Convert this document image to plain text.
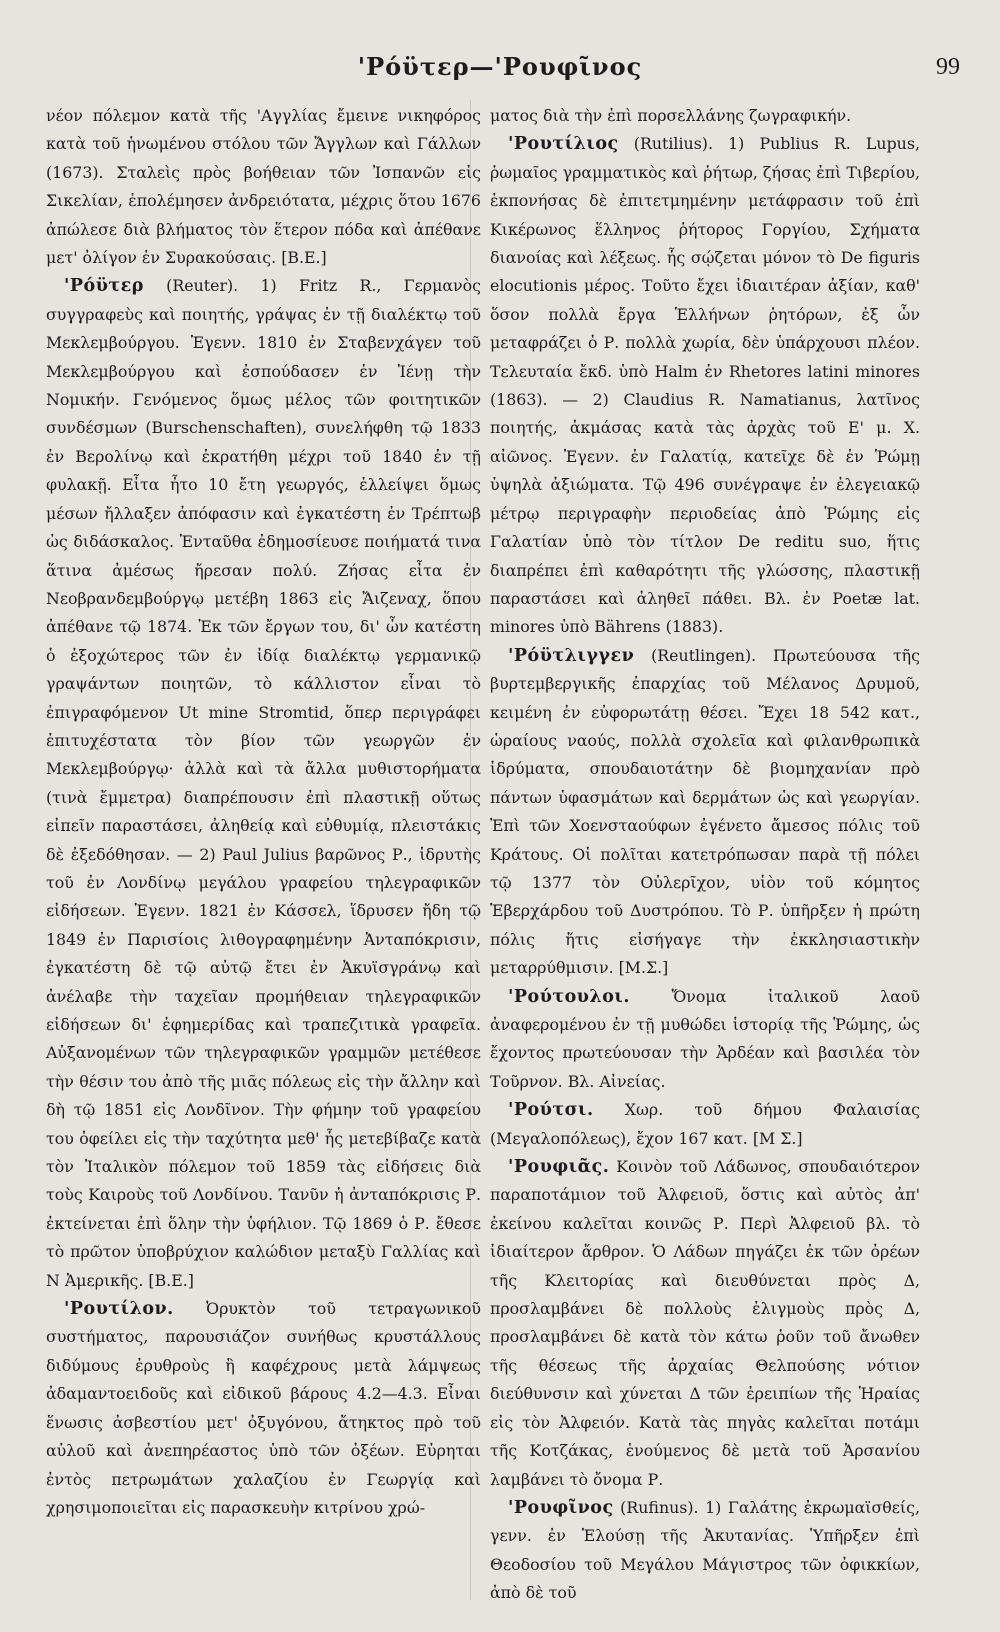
'Ρόϋτερ—'Ρουφῖνος	99

νέον πόλεμον κατὰ τῆς 'Αγγλίας ἔμεινε νικηφόρος κατὰ τοῦ ἡνωμένου στόλου τῶν Ἄγγλων καὶ Γάλλων (1673). Σταλεὶς πρὸς βοήθειαν τῶν Ἰσπανῶν εἰς Σικελίαν, ἐπολέμησεν ἀνδρειότατα, μέχρις ὅτου 1676 ἀπώλεσε διὰ βλήματος τὸν ἕτερον πόδα καὶ ἀπέθανε μετ' ὀλίγον ἐν Συρακούσαις. [Β.Ε.]

'Ρόϋτερ (Reuter). 1) Fritz R., Γερμανὸς συγγραφεὺς καὶ ποιητής, γράψας ἐν τῇ διαλέκτῳ τοῦ Μεκλεμβούργου. Ἐγενν. 1810 ἐν Σταβενχάγεν τοῦ Μεκλεμβούργου καὶ ἐσπούδασεν ἐν Ἰένῃ τὴν Νομικήν. Γενόμενος ὅμως μέλος τῶν φοιτητικῶν συνδέσμων (Burschenschaften), συνελήφθη τῷ 1833 ἐν Βερολίνῳ καὶ ἐκρατήθη μέχρι τοῦ 1840 ἐν τῇ φυλακῇ. Εἶτα ἦτο 10 ἔτη γεωργός, ἐλλείψει ὅμως μέσων ἤλλαξεν ἀπόφασιν καὶ ἐγκατέστη ἐν Τρέπτωβ ὡς διδάσκαλος. Ἐνταῦθα ἐδημοσίευσε ποιήματά τινα ἅτινα ἀμέσως ἤρεσαν πολύ. Ζήσας εἶτα ἐν Νεοβρανδεμβούργῳ μετέβη 1863 εἰς Ἄιζεναχ, ὅπου ἀπέθανε τῷ 1874. Ἐκ τῶν ἔργων του, δι' ὧν κατέστη ὁ ἐξοχώτερος τῶν ἐν ἰδίᾳ διαλέκτῳ γερμανικῷ γραψάντων ποιητῶν, τὸ κάλλιστον εἶναι τὸ ἐπιγραφόμενον Ut mine Stromtid, ὅπερ περιγράφει ἐπιτυχέστατα τὸν βίον τῶν γεωργῶν ἐν Μεκλεμβούργῳ· ἀλλὰ καὶ τὰ ἄλλα μυθιστορήματα (τινὰ ἔμμετρα) διαπρέπουσιν ἐπὶ πλαστικῇ οὕτως εἰπεῖν παραστάσει, ἀληθείᾳ καὶ εὐθυμίᾳ, πλειστάκις δὲ ἐξεδόθησαν. — 2) Paul Julius βαρῶνος Ρ., ἱδρυτὴς τοῦ ἐν Λονδίνῳ μεγάλου γραφείου τηλεγραφικῶν εἰδήσεων. Ἐγενν. 1821 ἐν Κάσσελ, ἵδρυσεν ἤδη τῷ 1849 ἐν Παρισίοις λιθογραφημένην Ἀνταπόκρισιν, ἐγκατέστη δὲ τῷ αὐτῷ ἔτει ἐν Ἀκυϊσγράνῳ καὶ ἀνέλαβε τὴν ταχεῖαν προμήθειαν τηλεγραφικῶν εἰδήσεων δι' ἐφημερίδας καὶ τραπεζιτικὰ γραφεῖα. Αὐξανομένων τῶν τηλεγραφικῶν γραμμῶν μετέθεσε τὴν θέσιν του ἀπὸ τῆς μιᾶς πόλεως εἰς τὴν ἄλλην καὶ δὴ τῷ 1851 εἰς Λονδῖνον. Τὴν φήμην τοῦ γραφείου του ὀφείλει εἰς τὴν ταχύτητα μεθ' ἧς μετεβίβαζε κατὰ τὸν Ἰταλικὸν πόλεμον τοῦ 1859 τὰς εἰδήσεις διὰ τοὺς Καιροὺς τοῦ Λονδίνου. Τανῦν ἡ ἀνταπόκρισις Ρ. ἐκτείνεται ἐπὶ ὅλην τὴν ὑφήλιον. Τῷ 1869 ὁ Ρ. ἔθεσε τὸ πρῶτον ὑποβρύχιον καλώδιον μεταξὺ Γαλλίας καὶ Ν Ἀμερικῆς. [Β.Ε.]

'Ρουτίλον. Ὀρυκτὸν τοῦ τετραγωνικοῦ συστήματος, παρουσιάζον συνήθως κρυστάλλους διδύμους ἐρυθροὺς ἢ καφέχρους μετὰ λάμψεως ἀδαμαντοειδοῦς καὶ εἰδικοῦ βάρους 4.2—4.3. Εἶναι ἕνωσις ἀσβεστίου μετ' ὀξυγόνου, ἄτηκτος πρὸ τοῦ αὐλοῦ καὶ ἀνεπηρέαστος ὑπὸ τῶν ὀξέων. Εὑρηται ἐντὸς πετρωμάτων χαλαζίου ἐν Γεωργίᾳ καὶ χρησιμοποιεῖται εἰς παρασκευὴν κιτρίνου χρώ-

ματος διὰ τὴν ἐπὶ πορσελλάνης ζωγραφικήν.

'Ρουτίλιος (Rutilius). 1) Publius R. Lupus, ῥωμαῖος γραμματικὸς καὶ ῥήτωρ, ζήσας ἐπὶ Τιβερίου, ἐκπονήσας δὲ ἐπιτετμημένην μετάφρασιν τοῦ ἐπὶ Κικέρωνος ἕλληνος ῥήτορος Γοργίου, Σχήματα διανοίας καὶ λέξεως. ἧς σῴζεται μόνον τὸ De figuris elocutionis μέρος. Τοῦτο ἔχει ἰδιαιτέραν ἀξίαν, καθ' ὅσον πολλὰ ἔργα Ἑλλήνων ῥητόρων, ἐξ ὧν μεταφράζει ὁ Ρ. πολλὰ χωρία, δὲν ὑπάρχουσι πλέον. Τελευταία ἔκδ. ὑπὸ Halm ἐν Rhetores latini minores (1863). — 2) Claudius R. Namatianus, λατῖνος ποιητής, ἀκμάσας κατὰ τὰς ἀρχὰς τοῦ Ε' μ. Χ. αἰῶνος. Ἐγενν. ἐν Γαλατίᾳ, κατεῖχε δὲ ἐν Ῥώμῃ ὑψηλὰ ἀξιώματα. Τῷ 496 συνέγραψε ἐν ἐλεγειακῷ μέτρῳ περιγραφὴν περιοδείας ἀπὸ Ῥώμης εἰς Γαλατίαν ὑπὸ τὸν τίτλον De reditu suo, ἥτις διαπρέπει ἐπὶ καθαρότητι τῆς γλώσσης, πλαστικῇ παραστάσει καὶ ἀληθεῖ πάθει. Βλ. ἐν Poetæ lat. minores ὑπὸ Bährens (1883).

'Ρόϋτλιγγεν (Reutlingen). Πρωτεύουσα τῆς βυρτεμβεργικῆς ἐπαρχίας τοῦ Μέλανος Δρυμοῦ, κειμένη ἐν εὐφορωτάτῃ θέσει. Ἔχει 18 542 κατ., ὡραίους ναούς, πολλὰ σχολεῖα καὶ φιλανθρωπικὰ ἱδρύματα, σπουδαιοτάτην δὲ βιομηχανίαν πρὸ πάντων ὑφασμάτων καὶ δερμάτων ὡς καὶ γεωργίαν. Ἐπὶ τῶν Χοενσταούφων ἐγένετο ἄμεσος πόλις τοῦ Κράτους. Οἱ πολῖται κατετρόπωσαν παρὰ τῇ πόλει τῷ 1377 τὸν Οὐλερῖχον, υἱὸν τοῦ κόμητος Ἐβερχάρδου τοῦ Δυστρόπου. Τὸ Ρ. ὑπῆρξεν ἡ πρώτη πόλις ἥτις εἰσήγαγε τὴν ἐκκλησιαστικὴν μεταρρύθμισιν. [Μ.Σ.]

'Ρούτουλοι.	Ὄνομα ἰταλικοῦ λαοῦ ἀναφερομένου ἐν τῇ μυθώδει ἱστορίᾳ τῆς Ῥώμης, ὡς ἔχοντος πρωτεύουσαν τὴν Ἀρδέαν καὶ βασιλέα τὸν Τοῦρνον. Βλ. Αἰνείας.

'Ρούτσι. Χωρ. τοῦ δήμου Φαλαισίας (Μεγαλοπόλεως), ἔχον 167 κατ. [Μ Σ.]

'Ρουφιᾶς. Κοινὸν τοῦ Λάδωνος, σπουδαιότερον παραποτάμιον τοῦ Ἀλφειοῦ, ὅστις καὶ αὐτὸς ἀπ' ἐκείνου καλεῖται κοινῶς Ρ. Περὶ Ἀλφειοῦ βλ. τὸ ἰδιαίτερον ἄρθρον. Ὁ Λάδων πηγάζει ἐκ τῶν ὀρέων τῆς Κλειτορίας καὶ διευθύνεται πρὸς Δ, προσλαμβάνει δὲ πολλοὺς ἑλιγμοὺς πρὸς Δ, προσλαμβάνει δὲ κατὰ τὸν κάτω ῥοῦν τοῦ ἄνωθεν τῆς θέσεως τῆς ἀρχαίας Θελπούσης νότιον διεύθυνσιν καὶ χύνεται Δ τῶν ἐρειπίων τῆς Ἡραίας εἰς τὸν Ἀλφειόν. Κατὰ τὰς πηγὰς καλεῖται ποτάμι τῆς Κοτζάκας, ἑνούμενος δὲ μετὰ τοῦ Ἀρσανίου λαμβάνει τὸ ὄνομα Ρ.

'Ρουφῖνος (Rufinus). 1) Γαλάτης ἐκρωμαϊσθείς, γενν. ἐν Ἐλούσῃ τῆς Ἀκυτανίας. Ὑπῆρξεν ἐπὶ Θεοδοσίου τοῦ Μεγάλου Μάγιστρος τῶν ὀφικκίων, ἀπὸ δὲ τοῦ
